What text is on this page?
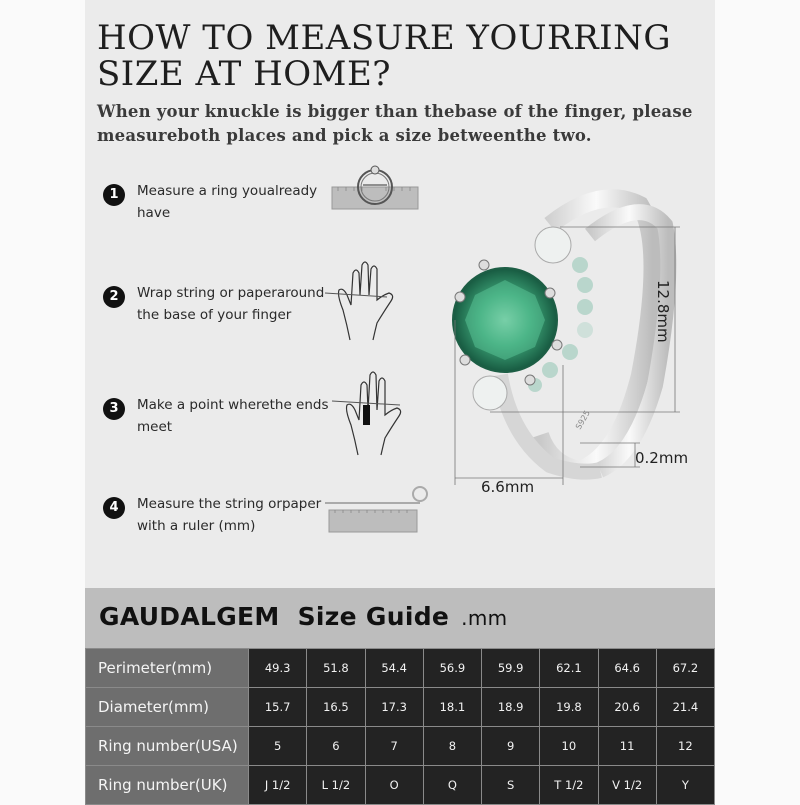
HOW TO MEASURE YOURRING SIZE AT HOME?
When your knuckle is bigger than thebase of the finger, please measureboth places and pick a size betweenthe two.
1	Measure a ring youalready have
2	Wrap string or paperaround the base of your finger
3	Make a point wherethe ends meet
4	Measure the string orpaper with a ruler (mm)
S925
12.8mm
6.6mm
0.2mm
GAUDALGEM Size Guide .mm
Perimeter(mm)	49.3	51.8	54.4	56.9	59.9	62.1	64.6	67.2
Diameter(mm)	15.7	16.5	17.3	18.1	18.9	19.8	20.6	21.4
Ring number(USA)	5	6	7	8	9	10	11	12
Ring number(UK)	J 1/2	L 1/2	O	Q	S	T 1/2	V 1/2	Y
